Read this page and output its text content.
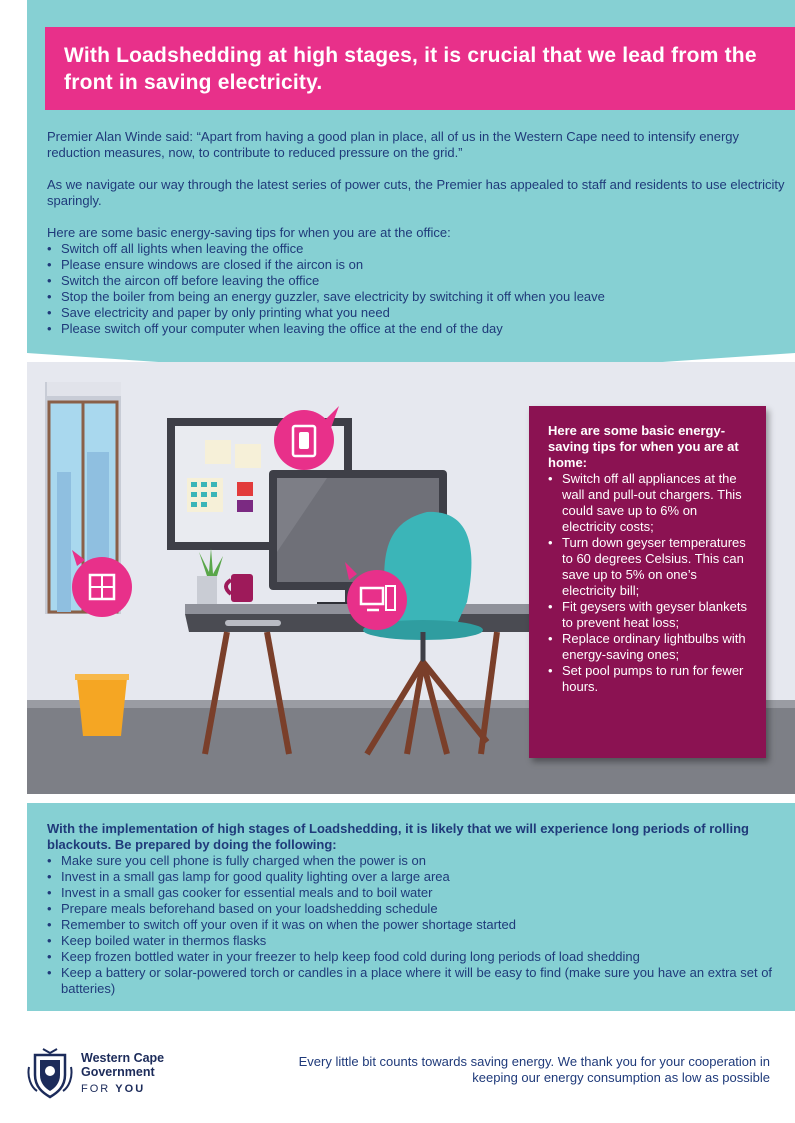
With Loadshedding at high stages, it is crucial that we lead from the front in saving electricity.

Premier Alan Winde said: “Apart from having a good plan in place, all of us in the Western Cape need to intensify energy reduction measures, now, to contribute to reduced pressure on the grid.”

As we navigate our way through the latest series of power cuts, the Premier has appealed to staff and residents to use electricity sparingly.

Here are some basic energy-saving tips for when you are at the office:
• Switch off all lights when leaving the office
• Please ensure windows are closed if the aircon is on
• Switch the aircon off before leaving the office
• Stop the boiler from being an energy guzzler, save electricity by switching it off when you leave
• Save electricity and paper by only printing what you need
• Please switch off your computer when leaving the office at the end of the day

Here are some basic energy-saving tips for when you are at home:

• Switch off all appliances at the wall and pull-out chargers. This could save up to 6% on electricity costs;
• Turn down geyser temperatures to 60 degrees Celsius. This can save up to 5% on one’s electricity bill;
• Fit geysers with geyser blankets to prevent heat loss;
• Replace ordinary lightbulbs with energy-saving ones;
• Set pool pumps to run for fewer hours.

With the implementation of high stages of Loadshedding, it is likely that we will experience long periods of rolling blackouts. Be prepared by doing the following:

• Make sure you cell phone is fully charged when the power is on
• Invest in a small gas lamp for good quality lighting over a large area
• Invest in a small gas cooker for essential meals and to boil water
• Prepare meals beforehand based on your loadshedding schedule
• Remember to switch off your oven if it was on when the power shortage started
• Keep boiled water in thermos flasks
• Keep frozen bottled water in your freezer to help keep food cold during long periods of load shedding
• Keep a battery or solar-powered torch or candles in a place where it will be easy to find (make sure you have an extra set of batteries)
Western Cape
Government
FOR YOU
Every little bit counts towards saving energy. We thank you for your cooperation in keeping our energy consumption as low as possible
